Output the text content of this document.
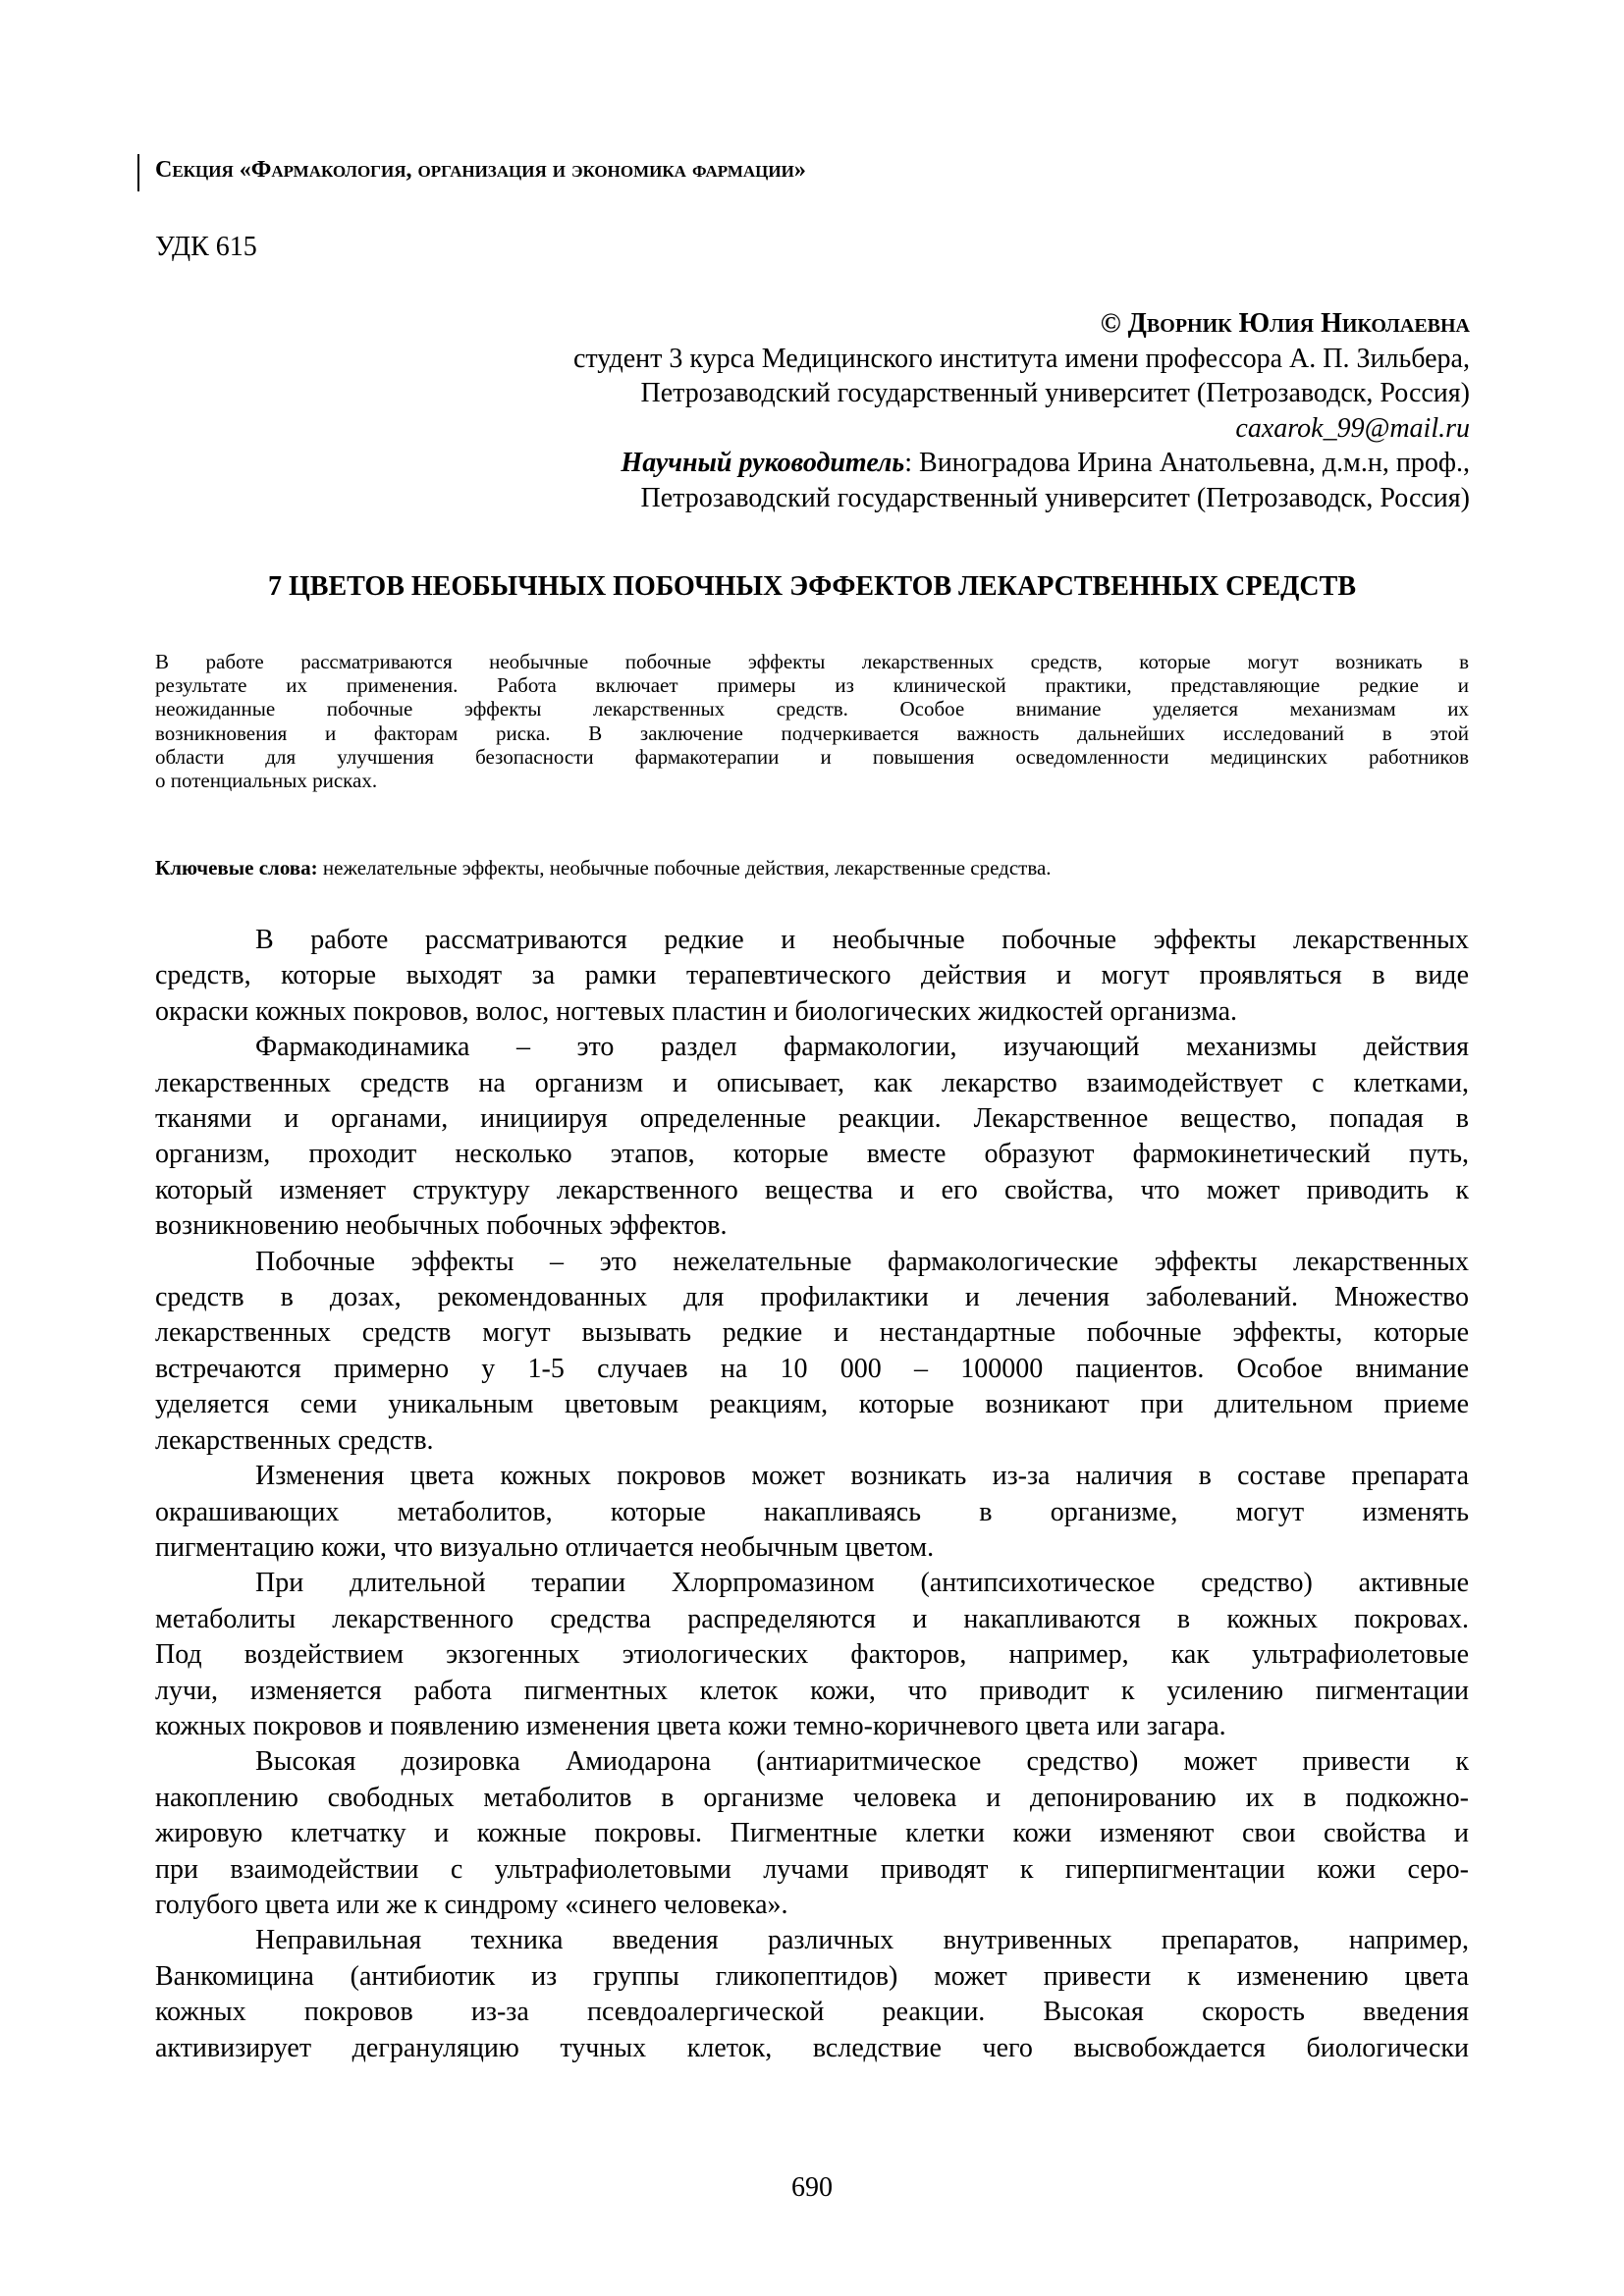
Секция «Фармакология, организация и экономика фармации»
УДК 615
© Дворник Юлия Николаевна
студент 3 курса Медицинского института имени профессора А. П. Зильбера,
Петрозаводский государственный университет (Петрозаводск, Россия)
caxarok_99@mail.ru
Научный руководитель: Виноградова Ирина Анатольевна, д.м.н, проф.,
Петрозаводский государственный университет (Петрозаводск, Россия)
7 ЦВЕТОВ НЕОБЫЧНЫХ ПОБОЧНЫХ ЭФФЕКТОВ ЛЕКАРСТВЕННЫХ СРЕДСТВ
В работе рассматриваются необычные побочные эффекты лекарственных средств, которые могут возникать в
результате их применения. Работа включает примеры из клинической практики, представляющие редкие и
неожиданные побочные эффекты лекарственных средств. Особое внимание уделяется механизмам их
возникновения и факторам риска. В заключение подчеркивается важность дальнейших исследований в этой
области для улучшения безопасности фармакотерапии и повышения осведомленности медицинских работников
о потенциальных рисках.
Ключевые слова: нежелательные эффекты, необычные побочные действия, лекарственные средства.
В работе рассматриваются редкие и необычные побочные эффекты лекарственных
средств, которые выходят за рамки терапевтического действия и могут проявляться в виде
окраски кожных покровов, волос, ногтевых пластин и биологических жидкостей организма.
Фармакодинамика – это раздел фармакологии, изучающий механизмы действия
лекарственных средств на организм и описывает, как лекарство взаимодействует с клетками,
тканями и органами, инициируя определенные реакции. Лекарственное вещество, попадая в
организм, проходит несколько этапов, которые вместе образуют фармокинетический путь,
который изменяет структуру лекарственного вещества и его свойства, что может приводить к
возникновению необычных побочных эффектов.
Побочные эффекты – это нежелательные фармакологические эффекты лекарственных
средств в дозах, рекомендованных для профилактики и лечения заболеваний. Множество
лекарственных средств могут вызывать редкие и нестандартные побочные эффекты, которые
встречаются примерно у 1-5 случаев на 10 000 – 100000 пациентов. Особое внимание
уделяется семи уникальным цветовым реакциям, которые возникают при длительном приеме
лекарственных средств.
Изменения цвета кожных покровов может возникать из-за наличия в составе препарата
окрашивающих метаболитов, которые накапливаясь в организме, могут изменять
пигментацию кожи, что визуально отличается необычным цветом.
При длительной терапии Хлорпромазином (антипсихотическое средство) активные
метаболиты лекарственного средства распределяются и накапливаются в кожных покровах.
Под воздействием экзогенных этиологических факторов, например, как ультрафиолетовые
лучи, изменяется работа пигментных клеток кожи, что приводит к усилению пигментации
кожных покровов и появлению изменения цвета кожи темно-коричневого цвета или загара.
Высокая дозировка Амиодарона (антиаритмическое средство) может привести к
накоплению свободных метаболитов в организме человека и депонированию их в подкожно-
жировую клетчатку и кожные покровы. Пигментные клетки кожи изменяют свои свойства и
при взаимодействии с ультрафиолетовыми лучами приводят к гиперпигментации кожи серо-
голубого цвета или же к синдрому «синего человека».
Неправильная техника введения различных внутривенных препаратов, например,
Ванкомицина (антибиотик из группы гликопептидов) может привести к изменению цвета
кожных покровов из-за псевдоалергической реакции. Высокая скорость введения
активизирует дегрануляцию тучных клеток, вследствие чего высвобождается биологически
690
